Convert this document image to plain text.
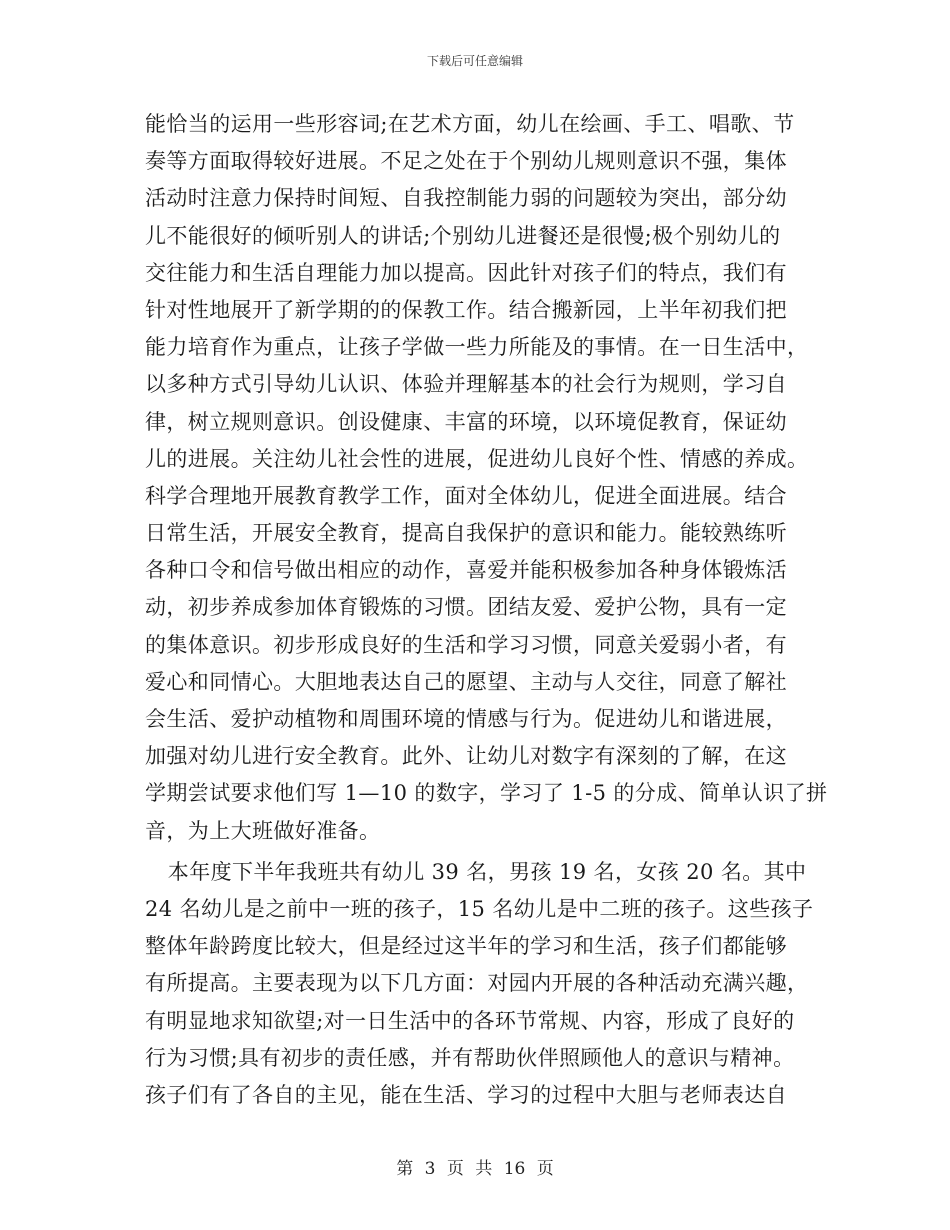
下载后可任意编辑
能恰当的运用一些形容词;在艺术方面，幼儿在绘画、手工、唱歌、节
奏等方面取得较好进展。不足之处在于个别幼儿规则意识不强，集体
活动时注意力保持时间短、自我控制能力弱的问题较为突出，部分幼
儿不能很好的倾听别人的讲话;个别幼儿进餐还是很慢;极个别幼儿的
交往能力和生活自理能力加以提高。因此针对孩子们的特点，我们有
针对性地展开了新学期的的保教工作。结合搬新园，上半年初我们把
能力培育作为重点，让孩子学做一些力所能及的事情。在一日生活中，
以多种方式引导幼儿认识、体验并理解基本的社会行为规则，学习自
律，树立规则意识。创设健康、丰富的环境，以环境促教育，保证幼
儿的进展。关注幼儿社会性的进展，促进幼儿良好个性、情感的养成。
科学合理地开展教育教学工作，面对全体幼儿，促进全面进展。结合
日常生活，开展安全教育，提高自我保护的意识和能力。能较熟练听
各种口令和信号做出相应的动作，喜爱并能积极参加各种身体锻炼活
动，初步养成参加体育锻炼的习惯。团结友爱、爱护公物，具有一定
的集体意识。初步形成良好的生活和学习习惯，同意关爱弱小者，有
爱心和同情心。大胆地表达自己的愿望、主动与人交往，同意了解社
会生活、爱护动植物和周围环境的情感与行为。促进幼儿和谐进展，
加强对幼儿进行安全教育。此外、让幼儿对数字有深刻的了解，在这
学期尝试要求他们写 1—10 的数字，学习了 1-5 的分成、简单认识了拼
音，为上大班做好准备。
　　本年度下半年我班共有幼儿 39 名，男孩 19 名，女孩 20 名。其中
24 名幼儿是之前中一班的孩子，15 名幼儿是中二班的孩子。这些孩子
整体年龄跨度比较大，但是经过这半年的学习和生活，孩子们都能够
有所提高。主要表现为以下几方面：对园内开展的各种活动充满兴趣，
有明显地求知欲望;对一日生活中的各环节常规、内容，形成了良好的
行为习惯;具有初步的责任感，并有帮助伙伴照顾他人的意识与精神。
孩子们有了各自的主见，能在生活、学习的过程中大胆与老师表达自
第 3 页 共 16 页
